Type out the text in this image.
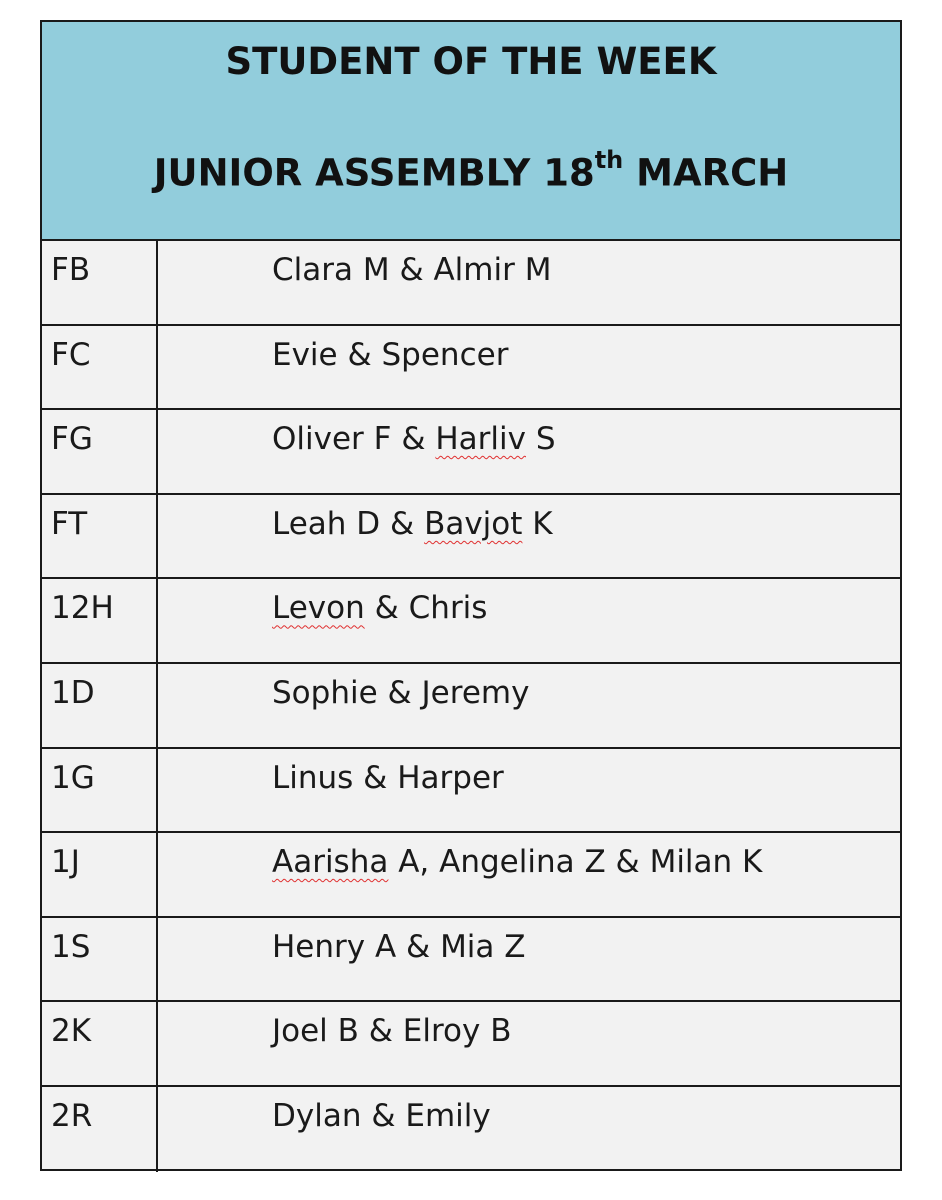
STUDENT OF THE WEEK
JUNIOR ASSEMBLY 18th MARCH
FB	Clara M & Almir M
FC	Evie & Spencer
FG	Oliver F & Harliv S
FT	Leah D & Bavjot K
12H	Levon & Chris
1D	Sophie & Jeremy
1G	Linus & Harper
1J	Aarisha A, Angelina Z & Milan K
1S	Henry A & Mia Z
2K	Joel B & Elroy B
2R	Dylan & Emily
